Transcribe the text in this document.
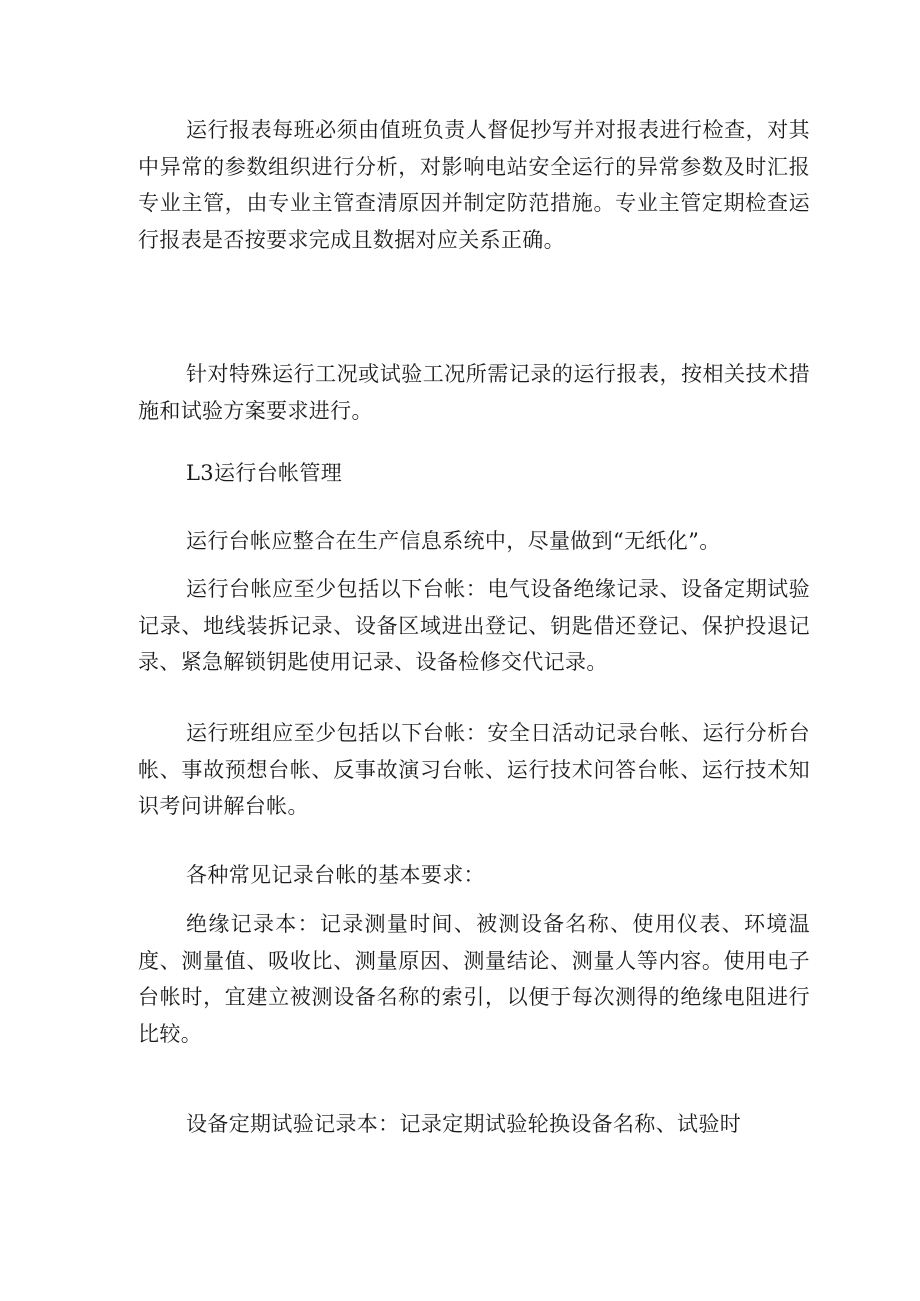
运行报表每班必须由值班负责人督促抄写并对报表进行检查，对其中异常的参数组织进行分析，对影响电站安全运行的异常参数及时汇报专业主管，由专业主管查清原因并制定防范措施。专业主管定期检查运行报表是否按要求完成且数据对应关系正确。

针对特殊运行工况或试验工况所需记录的运行报表，按相关技术措施和试验方案要求进行。

L3运行台帐管理

运行台帐应整合在生产信息系统中，尽量做到“无纸化”。

运行台帐应至少包括以下台帐：电气设备绝缘记录、设备定期试验记录、地线装拆记录、设备区域进出登记、钥匙借还登记、保护投退记录、紧急解锁钥匙使用记录、设备检修交代记录。

运行班组应至少包括以下台帐：安全日活动记录台帐、运行分析台帐、事故预想台帐、反事故演习台帐、运行技术问答台帐、运行技术知识考问讲解台帐。

各种常见记录台帐的基本要求：

绝缘记录本：记录测量时间、被测设备名称、使用仪表、环境温度、测量值、吸收比、测量原因、测量结论、测量人等内容。使用电子台帐时，宜建立被测设备名称的索引，以便于每次测得的绝缘电阻进行比较。

设备定期试验记录本：记录定期试验轮换设备名称、试验时
